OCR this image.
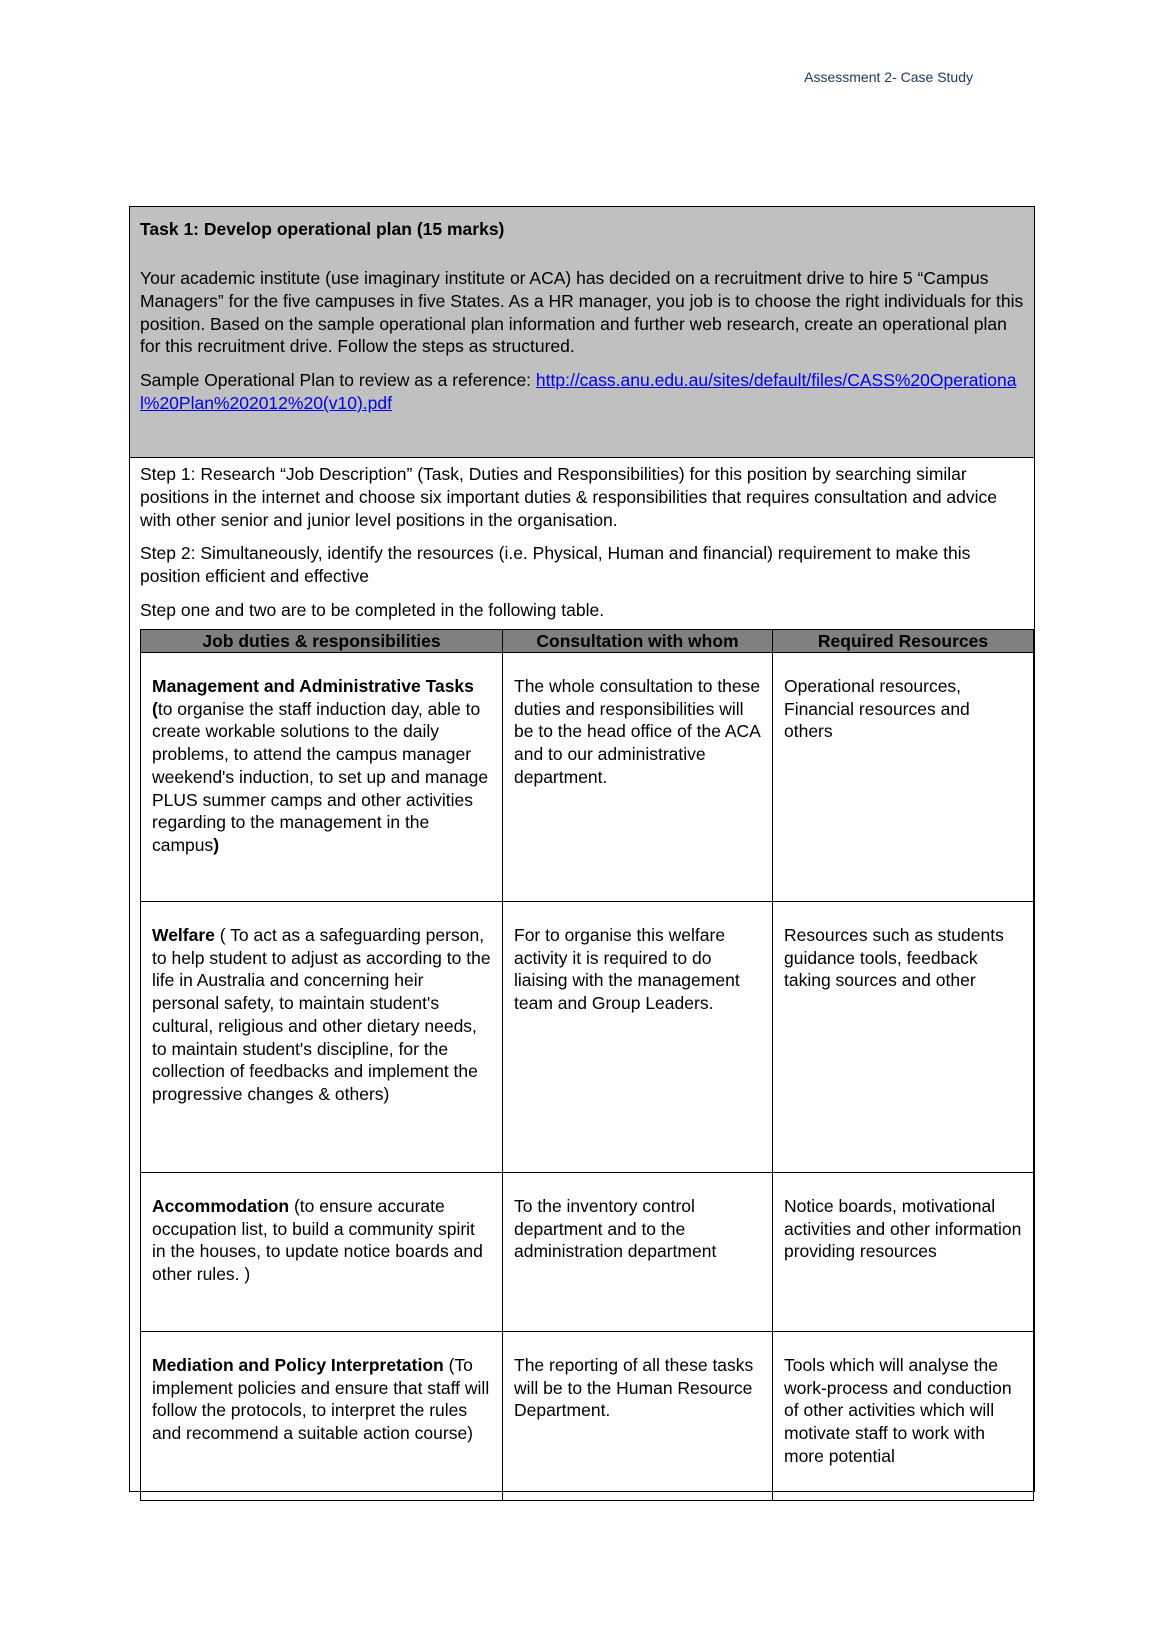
Assessment 2- Case Study
Task 1: Develop operational plan (15 marks)

Your academic institute (use imaginary institute or ACA) has decided on a recruitment drive to hire 5 “Campus Managers” for the five campuses in five States. As a HR manager, you job is to choose the right individuals for this position. Based on the sample operational plan information and further web research, create an operational plan for this recruitment drive. Follow the steps as structured.

Sample Operational Plan to review as a reference: http://cass.anu.edu.au/sites/default/files/CASS%20Operational%20Plan%202012%20(v10).pdf

Step 1: Research “Job Description” (Task, Duties and Responsibilities) for this position by searching similar positions in the internet and choose six important duties & responsibilities that requires consultation and advice with other senior and junior level positions in the organisation.

Step 2: Simultaneously, identify the resources (i.e. Physical, Human and financial) requirement to make this position efficient and effective

Step one and two are to be completed in the following table.

Job duties & responsibilities	Consultation with whom	Required Resources
Management and Administrative Tasks (to organise the staff induction day, able to create workable solutions to the daily problems, to attend the campus manager weekend's induction, to set up and manage PLUS summer camps and other activities regarding to the management in the campus)	The whole consultation to these duties and responsibilities will be to the head office of the ACA and to our administrative department.	Operational resources, Financial resources and others
Welfare ( To act as a safeguarding person, to help student to adjust as according to the life in Australia and concerning heir personal safety, to maintain student's cultural, religious and other dietary needs, to maintain student's discipline, for the collection of feedbacks and implement the progressive changes & others)	For to organise this welfare activity it is required to do liaising with the management team and Group Leaders.	Resources such as students guidance tools, feedback taking sources and other
Accommodation (to ensure accurate occupation list, to build a community spirit in the houses, to update notice boards and other rules. )	To the inventory control department and to the administration department	Notice boards, motivational activities and other information providing resources
Mediation and Policy Interpretation (To implement policies and ensure that staff will follow the protocols, to interpret the rules and recommend a suitable action course)	The reporting of all these tasks will be to the Human Resource Department.	Tools which will analyse the work-process and conduction of other activities which will motivate staff to work with more potential
